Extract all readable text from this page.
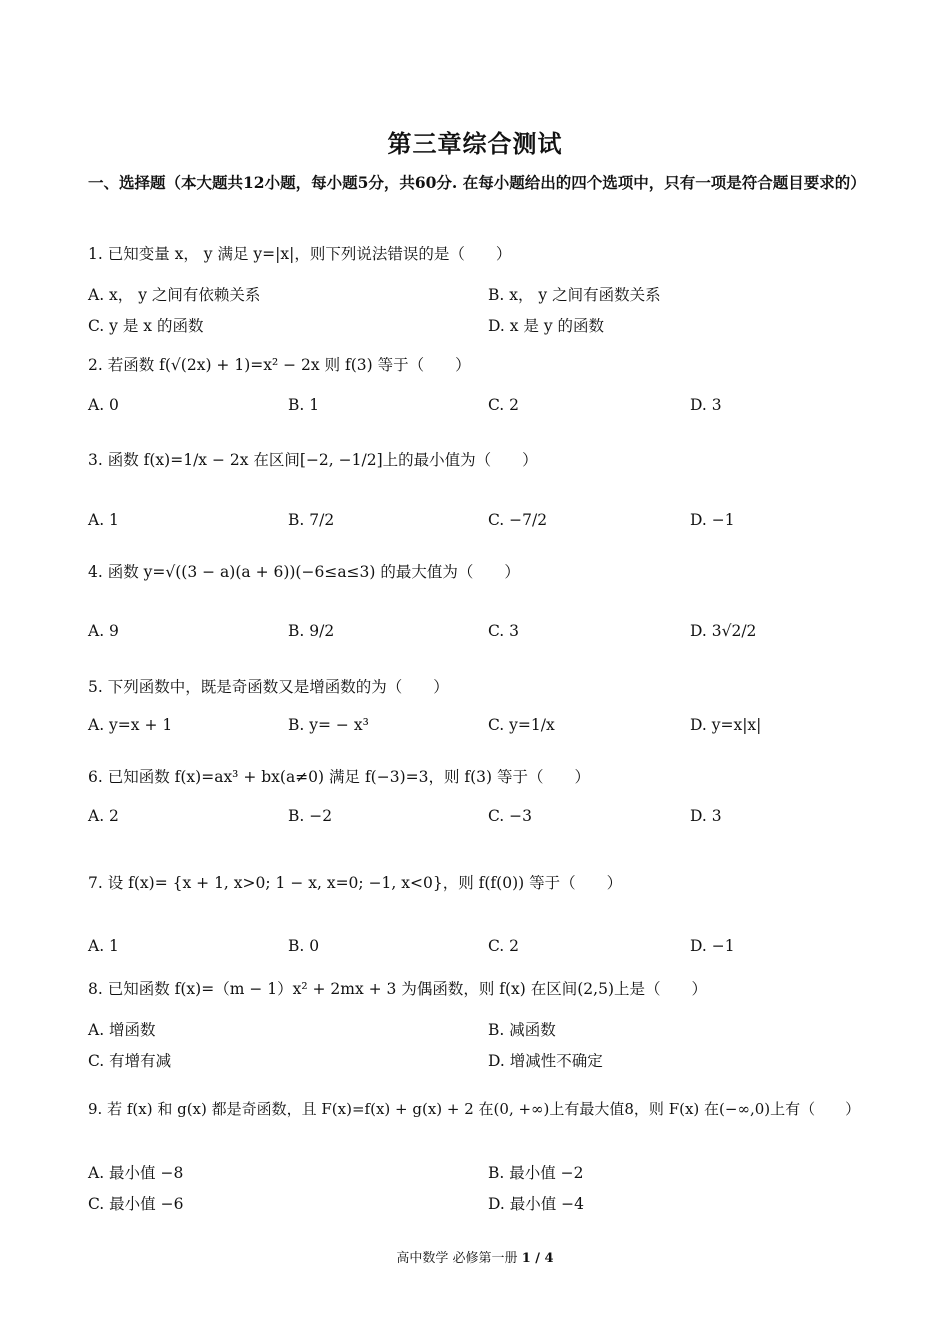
第三章综合测试
一、选择题（本大题共12小题，每小题5分，共60分. 在每小题给出的四个选项中，只有一项是符合题目要求的）
1. 已知变量 x， y 满足 y=|x|，则下列说法错误的是（　　）
A. x， y 之间有依赖关系	B. x， y 之间有函数关系
C. y 是 x 的函数	D. x 是 y 的函数
2. 若函数 f(√(2x) + 1)=x² − 2x 则 f(3) 等于（　　）
A. 0	B. 1	C. 2	D. 3
3. 函数 f(x)=1/x − 2x 在区间[−2, −1/2]上的最小值为（　　）
A. 1	B. 7/2	C. −7/2	D. −1
4. 函数 y=√((3 − a)(a + 6))(−6≤a≤3) 的最大值为（　　）
A. 9	B. 9/2	C. 3	D. 3√2/2
5. 下列函数中，既是奇函数又是增函数的为（　　）
A. y=x + 1	B. y= − x³	C. y=1/x	D. y=x|x|
6. 已知函数 f(x)=ax³ + bx(a≠0) 满足 f(−3)=3，则 f(3) 等于（　　）
A. 2	B. −2	C. −3	D. 3
7. 设 f(x)= {x + 1, x>0; 1 − x, x=0; −1, x<0}，则 f(f(0)) 等于（　　）
A. 1	B. 0	C. 2	D. −1
8. 已知函数 f(x)=（m − 1）x² + 2mx + 3 为偶函数，则 f(x) 在区间(2,5)上是（　　）
A. 增函数	B. 减函数
C. 有增有减	D. 增减性不确定
9. 若 f(x) 和 g(x) 都是奇函数，且 F(x)=f(x) + g(x) + 2 在(0, +∞)上有最大值8，则 F(x) 在(−∞,0)上有（　　）
A. 最小值 −8	B. 最小值 −2
C. 最小值 −6	D. 最小值 −4
高中数学 必修第一册 1 / 4
